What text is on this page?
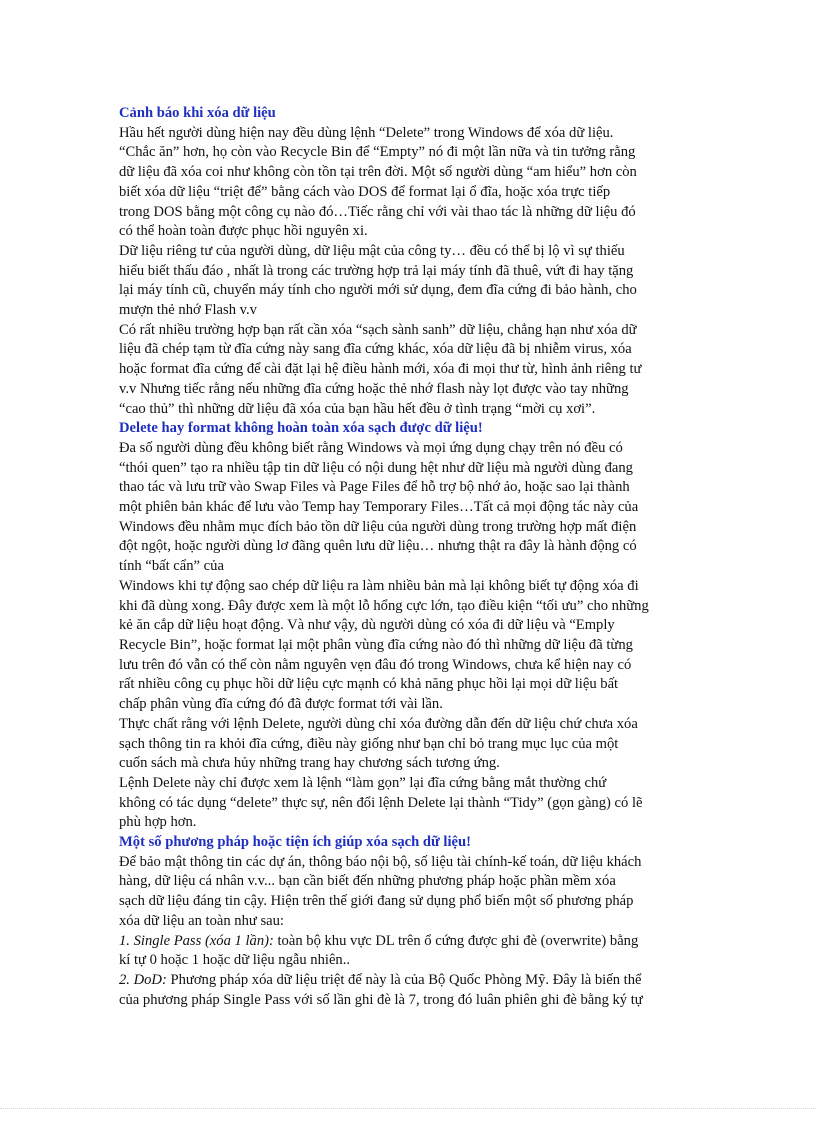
Cảnh báo khi xóa dữ liệu
Hầu hết người dùng hiện nay đều dùng lệnh “Delete” trong Windows để xóa dữ liệu.
“Chắc ăn” hơn, họ còn vào Recycle Bin để “Empty” nó đi một lần nữa và tin tưởng rằng
dữ liệu đã xóa coi như không còn tồn tại trên đời. Một số người dùng “am hiểu” hơn còn
biết xóa dữ liệu “triệt để” bằng cách vào DOS để format lại ổ đĩa, hoặc xóa trực tiếp
trong DOS bằng một công cụ nào đó…Tiếc rằng chỉ với vài thao tác là những dữ liệu đó
có thể hoàn toàn được phục hồi nguyên xi.
Dữ liệu riêng tư của người dùng, dữ liệu mật của công ty… đều có thể bị lộ vì sự thiếu
hiểu biết thấu đáo , nhất là trong các trường hợp trả lại máy tính đã thuê, vứt đi hay tặng
lại máy tính cũ, chuyển máy tính cho người mới sử dụng, đem đĩa cứng đi bảo hành, cho
mượn thẻ nhớ Flash v.v
Có rất nhiều trường hợp bạn rất cần xóa “sạch sành sanh” dữ liệu, chẳng hạn như xóa dữ
liệu đã chép tạm từ đĩa cứng này sang đĩa cứng khác, xóa dữ liệu đã bị nhiễm virus, xóa
hoặc format đĩa cứng để cài đặt lại hệ điều hành mới, xóa đi mọi thư từ, hình ảnh riêng tư
v.v Nhưng tiếc rằng nếu những đĩa cứng hoặc thẻ nhớ flash này lọt được vào tay những
“cao thủ” thì những dữ liệu đã xóa của bạn hầu hết đều ở tình trạng “mời cụ xơi”.
Delete hay format không hoàn toàn xóa sạch được dữ liệu!
Đa số người dùng đều không biết rằng Windows và mọi ứng dụng chạy trên nó đều có
“thói quen” tạo ra nhiều tập tin dữ liệu có nội dung hệt như dữ liệu mà người dùng đang
thao tác và lưu trữ vào Swap Files và Page Files để hỗ trợ bộ nhớ ảo, hoặc sao lại thành
một phiên bản khác để lưu vào Temp hay Temporary Files…Tất cả mọi động tác này của
Windows đều nhằm mục đích bảo tồn dữ liệu của người dùng trong trường hợp mất điện
đột ngột, hoặc người dùng lơ đãng quên lưu dữ liệu… nhưng thật ra đây là hành động có
tính “bất cẩn” của
Windows khi tự động sao chép dữ liệu ra làm nhiều bản mà lại không biết tự động xóa đi
khi đã dùng xong. Đây được xem là một lỗ hổng cực lớn, tạo điều kiện “tối ưu” cho những
kẻ ăn cắp dữ liệu hoạt động. Và như vậy, dù người dùng có xóa đi dữ liệu và “Emply
Recycle Bin”, hoặc format lại một phân vùng đĩa cứng nào đó thì những dữ liệu đã từng
lưu trên đó vẫn có thể còn nằm nguyên vẹn đâu đó trong Windows, chưa kể hiện nay có
rất nhiều công cụ phục hồi dữ liệu cực mạnh có khả năng phục hồi lại mọi dữ liệu bất
chấp phân vùng đĩa cứng đó đã được format tới vài lần.
Thực chất rằng với lệnh Delete, người dùng chỉ xóa đường dẫn đến dữ liệu chứ chưa xóa
sạch thông tin ra khỏi đĩa cứng, điều này giống như bạn chỉ bỏ trang mục lục của một
cuốn sách mà chưa hủy những trang hay chương sách tương ứng.
Lệnh Delete này chỉ được xem là lệnh “làm gọn” lại đĩa cứng bằng mắt thường chứ
không có tác dụng “delete” thực sự, nên đổi lệnh Delete lại thành “Tidy” (gọn gàng) có lẽ
phù hợp hơn.
Một số phương pháp hoặc tiện ích giúp xóa sạch dữ liệu!
Để bảo mật thông tin các dự án, thông báo nội bộ, số liệu tài chính-kế toán, dữ liệu khách
hàng, dữ liệu cá nhân v.v... bạn cần biết đến những phương pháp hoặc phần mềm xóa
sạch dữ liệu đáng tin cậy. Hiện trên thế giới đang sử dụng phổ biến một số phương pháp
xóa dữ liệu an toàn như sau:
1. Single Pass (xóa 1 lần): toàn bộ khu vực DL trên ổ cứng được ghi đè (overwrite) bằng
kí tự 0 hoặc 1 hoặc dữ liệu ngẫu nhiên..
2. DoD: Phương pháp xóa dữ liệu triệt để này là của Bộ Quốc Phòng Mỹ. Đây là biến thể
của phương pháp Single Pass với số lần ghi đè là 7, trong đó luân phiên ghi đè bằng ký tự
